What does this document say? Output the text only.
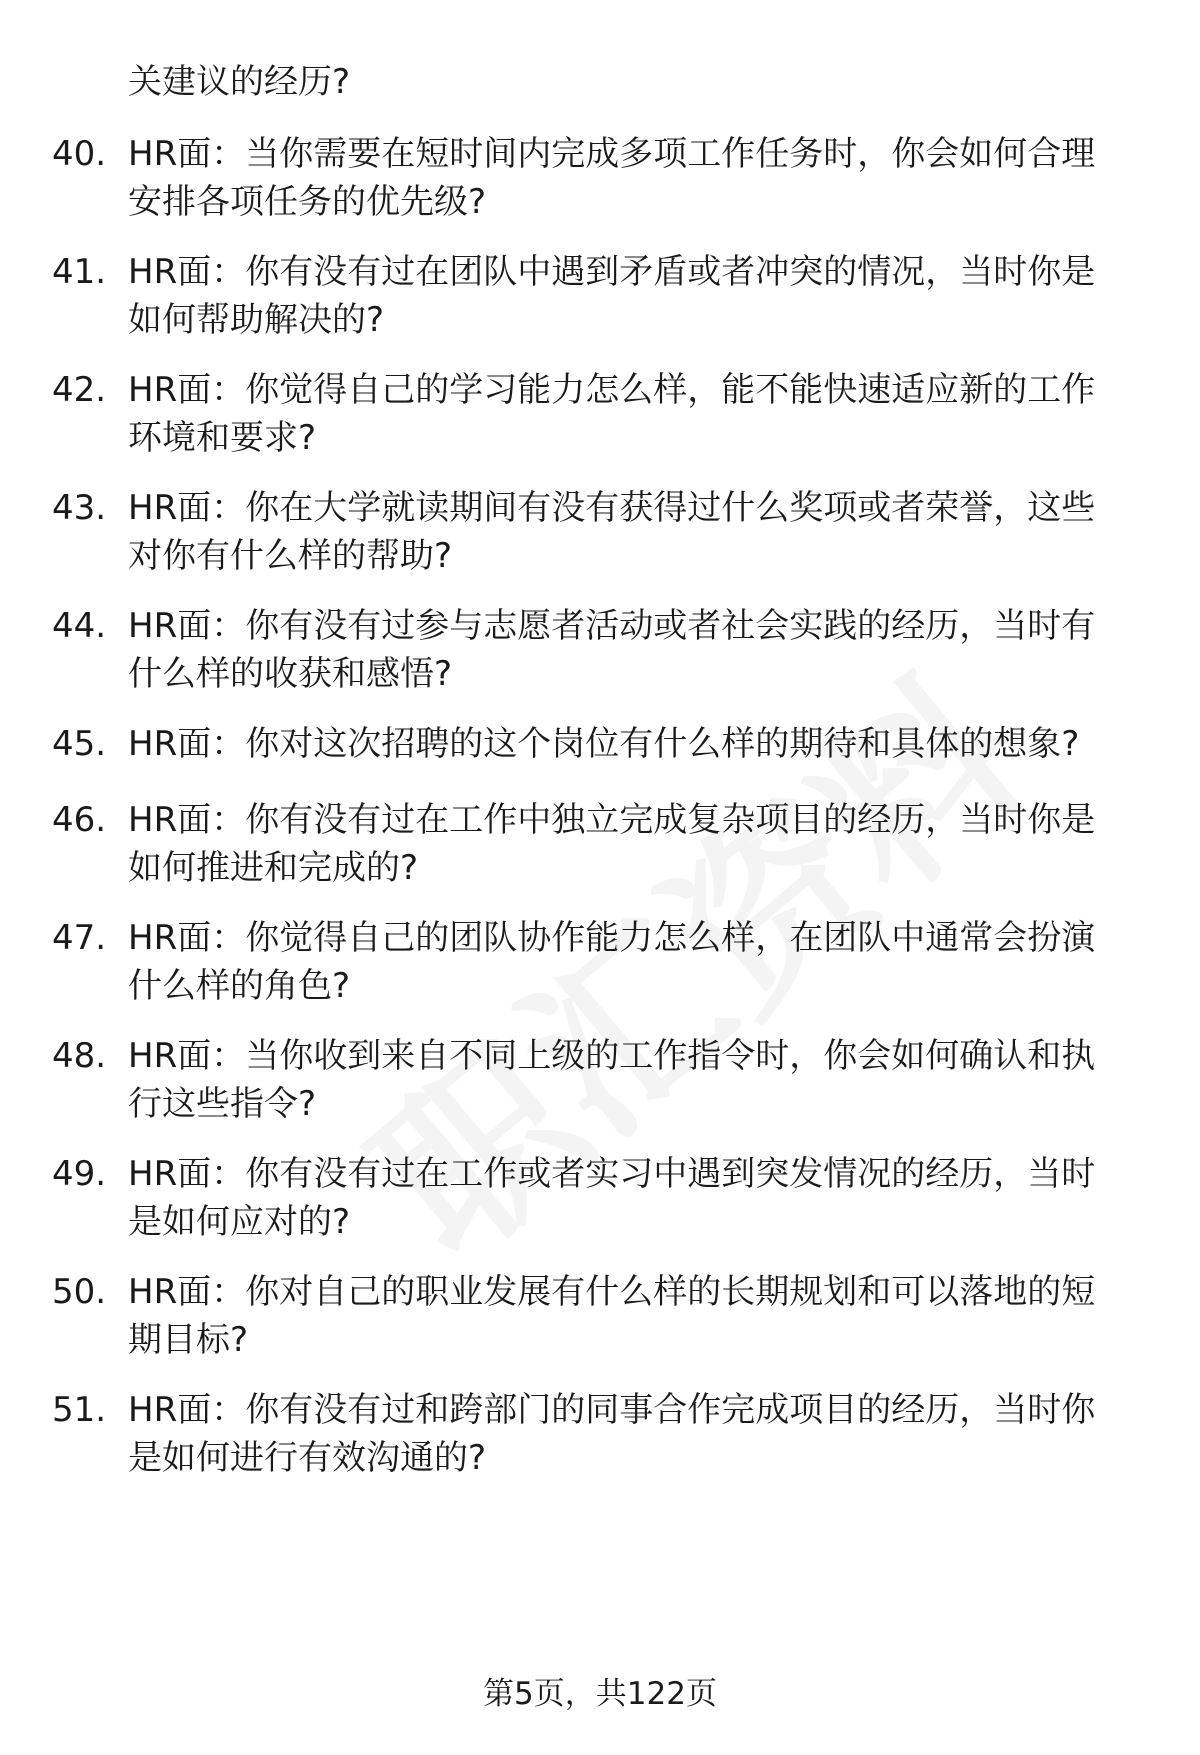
关建议的经历?
40. HR面：当你需要在短时间内完成多项工作任务时，你会如何合理
安排各项任务的优先级?
41. HR面：你有没有过在团队中遇到矛盾或者冲突的情况，当时你是
如何帮助解决的?
42. HR面：你觉得自己的学习能力怎么样，能不能快速适应新的工作
环境和要求?
43. HR面：你在大学就读期间有没有获得过什么奖项或者荣誉，这些
对你有什么样的帮助?
44. HR面：你有没有过参与志愿者活动或者社会实践的经历，当时有
什么样的收获和感悟?
45. HR面：你对这次招聘的这个岗位有什么样的期待和具体的想象?
46. HR面：你有没有过在工作中独立完成复杂项目的经历，当时你是
如何推进和完成的?
47. HR面：你觉得自己的团队协作能力怎么样，在团队中通常会扮演
什么样的角色?
48. HR面：当你收到来自不同上级的工作指令时，你会如何确认和执
行这些指令?
49. HR面：你有没有过在工作或者实习中遇到突发情况的经历，当时
是如何应对的?
50. HR面：你对自己的职业发展有什么样的长期规划和可以落地的短
期目标?
51. HR面：你有没有过和跨部门的同事合作完成项目的经历，当时你
是如何进行有效沟通的?
第5页，共122页
